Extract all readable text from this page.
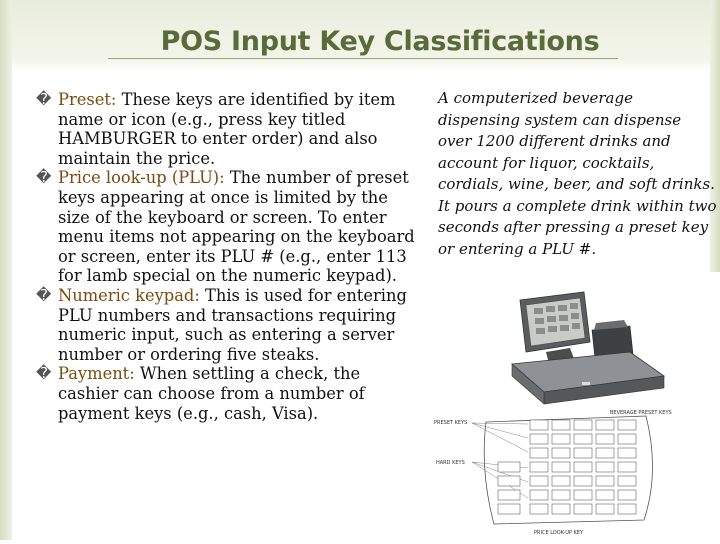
POS Input Key Classifications
� Preset: These keys are identified by item name or icon (e.g., press key titled HAMBURGER to enter order) and also maintain the price.
� Price look-up (PLU): The number of preset keys appearing at once is limited by the size of the keyboard or screen. To enter menu items not appearing on the keyboard or screen, enter its PLU # (e.g., enter 113 for lamb special on the numeric keypad).
� Numeric keypad: This is used for entering PLU numbers and transactions requiring numeric input, such as entering a server number or ordering five steaks.
� Payment: When settling a check, the cashier can choose from a number of payment keys (e.g., cash, Visa).
A computerized beverage dispensing system can dispense over 1200 different drinks and account for liquor, cocktails, cordials, wine, beer, and soft drinks. It pours a complete drink within two seconds after pressing a preset key or entering a PLU #.
BEVERAGE PRESET KEYS
PRESET KEYS
HARD KEYS
PRICE LOOK-UP KEY
